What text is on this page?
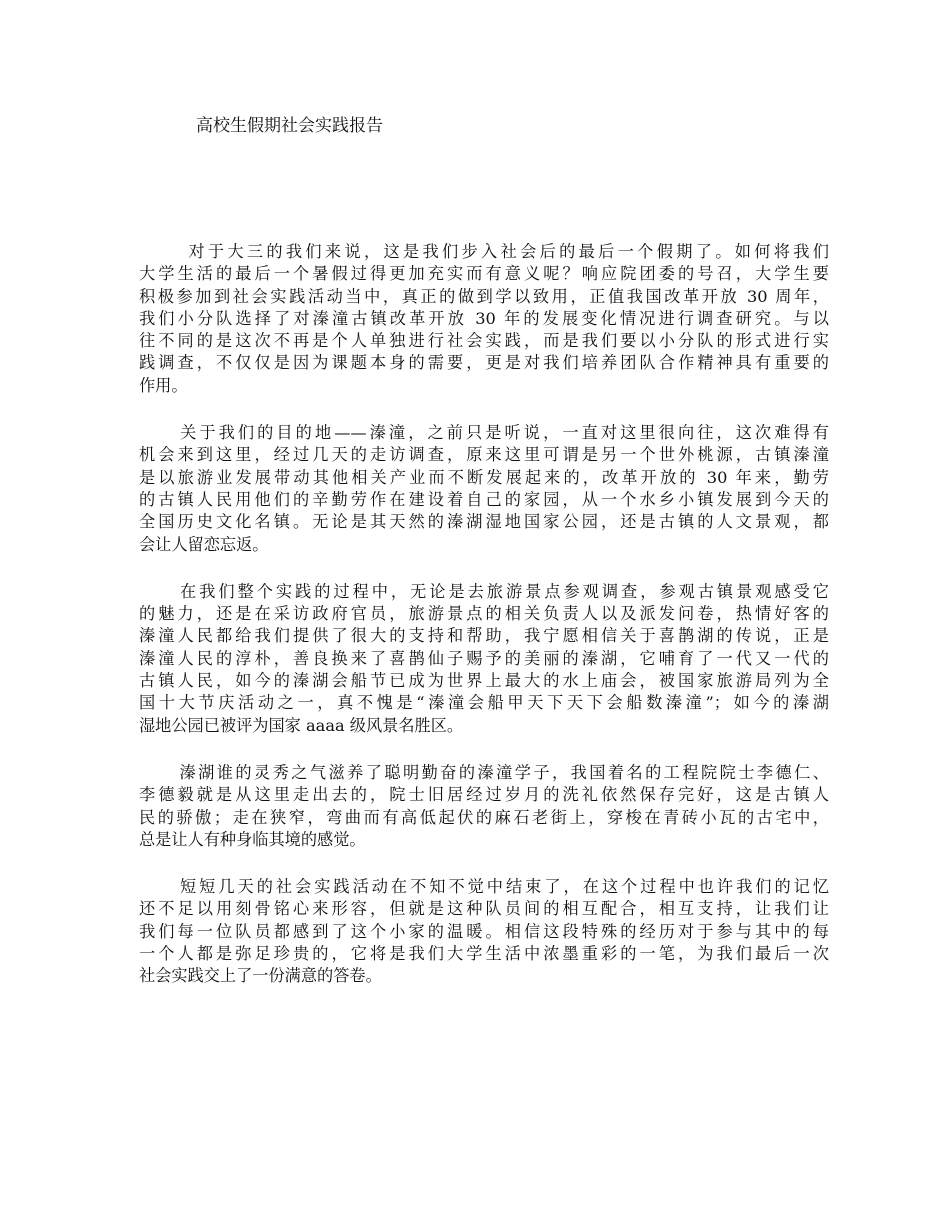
高校生假期社会实践报告

对于大三的我们来说，这是我们步入社会后的最后一个假期了。如何将我们
大学生活的最后一个暑假过得更加充实而有意义呢？响应院团委的号召，大学生要
积极参加到社会实践活动当中，真正的做到学以致用，正值我国改革开放 30 周年，
我们小分队选择了对溱潼古镇改革开放 30 年的发展变化情况进行调查研究。与以
往不同的是这次不再是个人单独进行社会实践，而是我们要以小分队的形式进行实
践调查，不仅仅是因为课题本身的需要，更是对我们培养团队合作精神具有重要的
作用。

关于我们的目的地——溱潼，之前只是听说，一直对这里很向往，这次难得有
机会来到这里，经过几天的走访调查，原来这里可谓是另一个世外桃源，古镇溱潼
是以旅游业发展带动其他相关产业而不断发展起来的，改革开放的 30 年来，勤劳
的古镇人民用他们的辛勤劳作在建设着自己的家园，从一个水乡小镇发展到今天的
全国历史文化名镇。无论是其天然的溱湖湿地国家公园，还是古镇的人文景观，都
会让人留恋忘返。

在我们整个实践的过程中，无论是去旅游景点参观调查，参观古镇景观感受它
的魅力，还是在采访政府官员，旅游景点的相关负责人以及派发问卷，热情好客的
溱潼人民都给我们提供了很大的支持和帮助，我宁愿相信关于喜鹊湖的传说，正是
溱潼人民的淳朴，善良换来了喜鹊仙子赐予的美丽的溱湖，它哺育了一代又一代的
古镇人民，如今的溱湖会船节已成为世界上最大的水上庙会，被国家旅游局列为全
国十大节庆活动之一，真不愧是“溱潼会船甲天下天下会船数溱潼”；如今的溱湖
湿地公园已被评为国家 aaaa 级风景名胜区。

溱湖谁的灵秀之气滋养了聪明勤奋的溱潼学子，我国着名的工程院院士李德仁、
李德毅就是从这里走出去的，院士旧居经过岁月的洗礼依然保存完好，这是古镇人
民的骄傲；走在狭窄，弯曲而有高低起伏的麻石老街上，穿梭在青砖小瓦的古宅中，
总是让人有种身临其境的感觉。

短短几天的社会实践活动在不知不觉中结束了，在这个过程中也许我们的记忆
还不足以用刻骨铭心来形容，但就是这种队员间的相互配合，相互支持，让我们让
我们每一位队员都感到了这个小家的温暖。相信这段特殊的经历对于参与其中的每
一个人都是弥足珍贵的，它将是我们大学生活中浓墨重彩的一笔，为我们最后一次
社会实践交上了一份满意的答卷。
